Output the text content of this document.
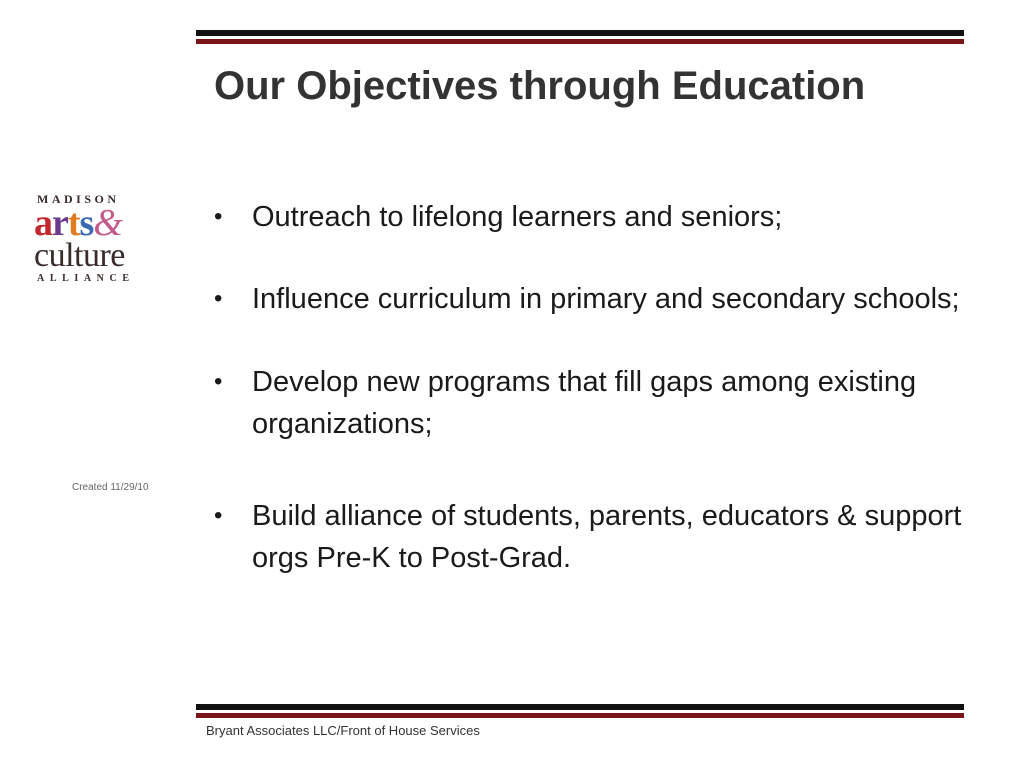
Our Objectives through Education
MADISON
arts&
culture
ALLIANCE
Created 11/29/10
• Outreach to lifelong learners and seniors;
• Influence curriculum in primary and secondary schools;
• Develop new programs that fill gaps among existing organizations;
• Build alliance of students, parents, educators & support orgs Pre-K to Post-Grad.
Bryant Associates LLC/Front of House Services
